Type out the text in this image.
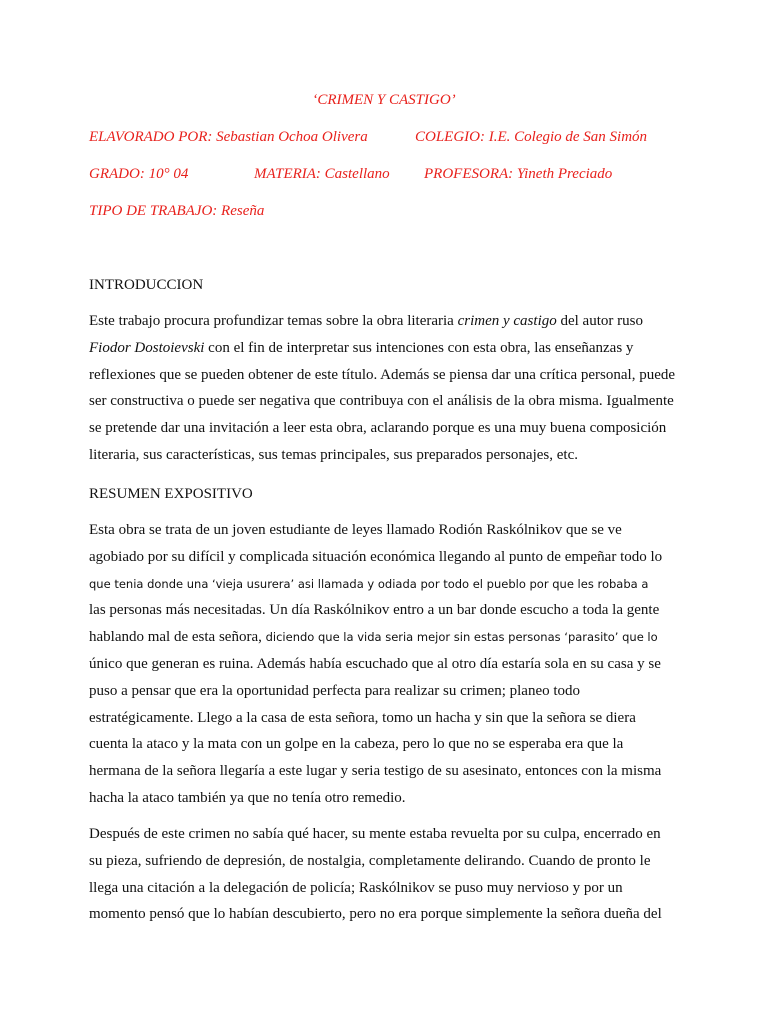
‘CRIMEN Y CASTIGO’
ELAVORADO POR: Sebastian Ochoa Olivera	COLEGIO: I.E. Colegio de San Simón
GRADO: 10° 04	MATERIA: Castellano PROFESORA: Yineth Preciado
TIPO DE TRABAJO: Reseña
INTRODUCCION
Este trabajo procura profundizar temas sobre la obra literaria crimen y castigo del autor ruso
Fiodor Dostoievski con el fin de interpretar sus intenciones con esta obra, las enseñanzas y
reflexiones que se pueden obtener de este título. Además se piensa dar una crítica personal, puede
ser constructiva o puede ser negativa que contribuya con el análisis de la obra misma. Igualmente
se pretende dar una invitación a leer esta obra, aclarando porque es una muy buena composición
literaria, sus características, sus temas principales, sus preparados personajes, etc.
RESUMEN EXPOSITIVO
Esta obra se trata de un joven estudiante de leyes llamado Rodión Raskólnikov que se ve
agobiado por su difícil y complicada situación económica llegando al punto de empeñar todo lo
que tenia donde una ‘vieja usurera’ asi llamada y odiada por todo el pueblo por que les robaba a
las personas más necesitadas. Un día Raskólnikov entro a un bar donde escucho a toda la gente
hablando mal de esta señora, diciendo que la vida seria mejor sin estas personas ‘parasito’ que lo
único que generan es ruina. Además había escuchado que al otro día estaría sola en su casa y se
puso a pensar que era la oportunidad perfecta para realizar su crimen; planeo todo
estratégicamente. Llego a la casa de esta señora, tomo un hacha y sin que la señora se diera
cuenta la ataco y la mata con un golpe en la cabeza, pero lo que no se esperaba era que la
hermana de la señora llegaría a este lugar y seria testigo de su asesinato, entonces con la misma
hacha la ataco también ya que no tenía otro remedio.
Después de este crimen no sabía qué hacer, su mente estaba revuelta por su culpa, encerrado en
su pieza, sufriendo de depresión, de nostalgia, completamente delirando. Cuando de pronto le
llega una citación a la delegación de policía; Raskólnikov se puso muy nervioso y por un
momento pensó que lo habían descubierto, pero no era porque simplemente la señora dueña del
